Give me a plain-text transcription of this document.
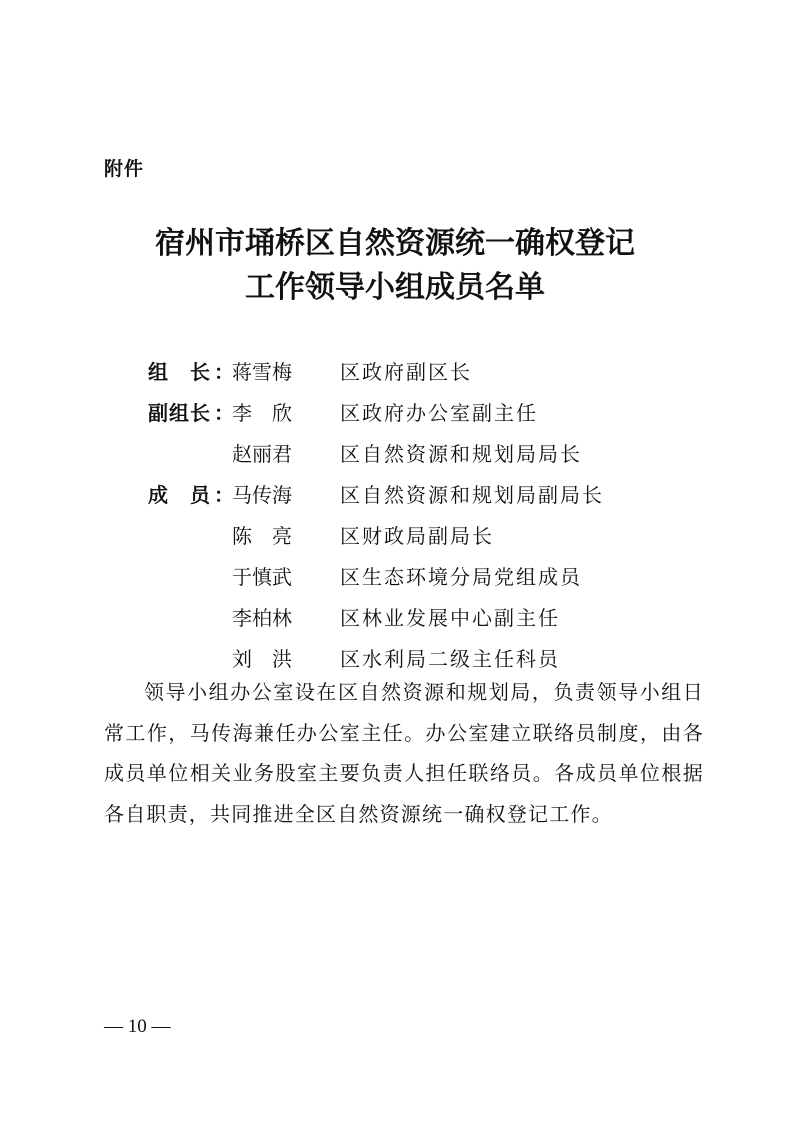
附件
宿州市埇桥区自然资源统一确权登记
工作领导小组成员名单
组长 ：
蒋雪梅 区政府副区长
副组长 ：
李欣 区政府办公室副主任
赵丽君 区自然资源和规划局局长
成员 ：
马传海 区自然资源和规划局副局长
陈亮 区财政局副局长
于慎武 区生态环境分局党组成员
李柏林 区林业发展中心副主任
刘洪 区水利局二级主任科员
领导小组办公室设在区自然资源和规划局，负责领导小组日常工作，马传海兼任办公室主任。办公室建立联络员制度，由各成员单位相关业务股室主要负责人担任联络员。各成员单位根据各自职责，共同推进全区自然资源统一确权登记工作。
— 10 —
